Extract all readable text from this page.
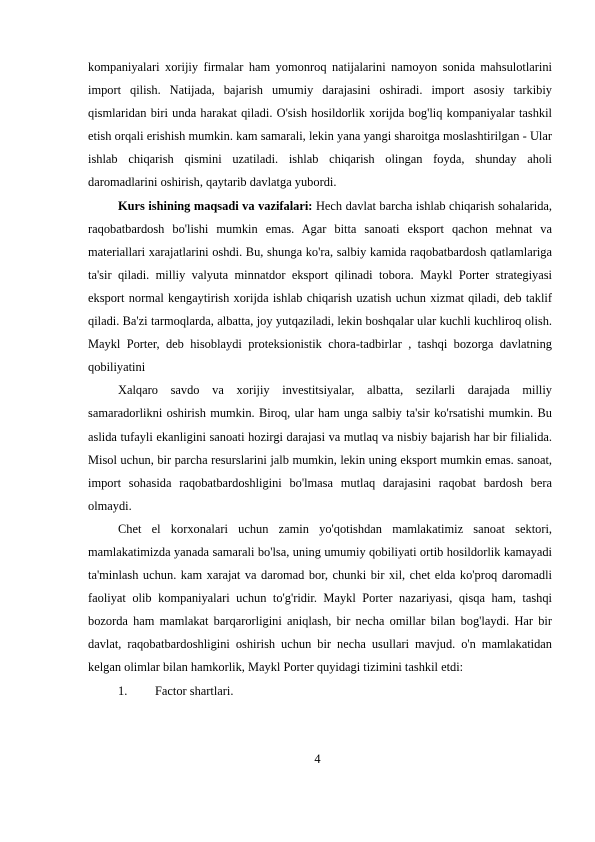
kompaniyalari xorijiy firmalar ham yomonroq natijalarini namoyon sonida mahsulotlarini import qilish. Natijada, bajarish umumiy darajasini oshiradi. import asosiy tarkibiy qismlaridan biri unda harakat qiladi. O'sish hosildorlik xorijda bog'liq kompaniyalar tashkil etish orqali erishish mumkin. kam samarali, lekin yana yangi sharoitga moslashtirilgan - Ular ishlab chiqarish qismini uzatiladi. ishlab chiqarish olingan foyda, shunday aholi daromadlarini oshirish, qaytarib davlatga yubordi.

Kurs ishining maqsadi va vazifalari: Hech davlat barcha ishlab chiqarish sohalarida, raqobatbardosh bo'lishi mumkin emas. Agar bitta sanoati eksport qachon mehnat va materiallari xarajatlarini oshdi. Bu, shunga ko'ra, salbiy kamida raqobatbardosh qatlamlariga ta'sir qiladi. milliy valyuta minnatdor eksport qilinadi tobora. Maykl Porter strategiyasi eksport normal kengaytirish xorijda ishlab chiqarish uzatish uchun xizmat qiladi, deb taklif qiladi. Ba'zi tarmoqlarda, albatta, joy yutqaziladi, lekin boshqalar ular kuchli kuchliroq olish. Maykl Porter, deb hisoblaydi proteksionistik chora-tadbirlar , tashqi bozorga davlatning qobiliyatini

Xalqaro savdo va xorijiy investitsiyalar, albatta, sezilarli darajada milliy samaradorlikni oshirish mumkin. Biroq, ular ham unga salbiy ta'sir ko'rsatishi mumkin. Bu aslida tufayli ekanligini sanoati hozirgi darajasi va mutlaq va nisbiy bajarish har bir filialida. Misol uchun, bir parcha resurslarini jalb mumkin, lekin uning eksport mumkin emas. sanoat, import sohasida raqobatbardoshligini bo'lmasa mutlaq darajasini raqobat bardosh bera olmaydi.

Chet el korxonalari uchun zamin yo'qotishdan mamlakatimiz sanoat sektori, mamlakatimizda yanada samarali bo'lsa, uning umumiy qobiliyati ortib hosildorlik kamayadi ta'minlash uchun. kam xarajat va daromad bor, chunki bir xil, chet elda ko'proq daromadli faoliyat olib kompaniyalari uchun to'g'ridir. Maykl Porter nazariyasi, qisqa ham, tashqi bozorda ham mamlakat barqarorligini aniqlash, bir necha omillar bilan bog'laydi. Har bir davlat, raqobatbardoshligini oshirish uchun bir necha usullari mavjud. o'n mamlakatidan kelgan olimlar bilan hamkorlik, Maykl Porter quyidagi tizimini tashkil etdi:

1.	Factor shartlari.
4
